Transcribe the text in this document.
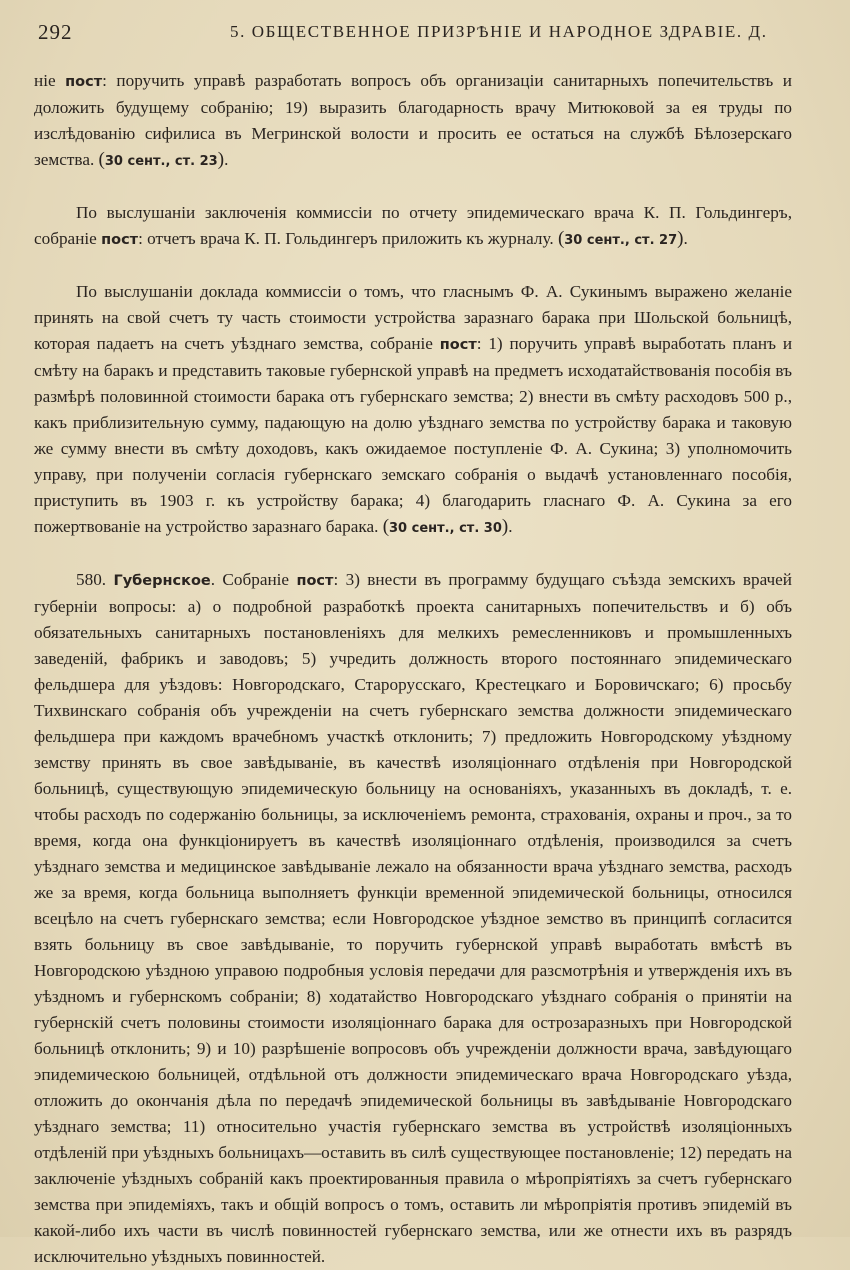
292	5. ОБЩЕСТВЕННОЕ ПРИЗРѢНІЕ И НАРОДНОЕ ЗДРАВІЕ. Д.

ніе пост: поручить управѣ разработать вопросъ объ организаціи санитарныхъ попечительствъ и доложить будущему собранію; 19) выразить благодарность врачу Митюковой за ея труды по изслѣдованію сифилиса въ Мегринской волости и просить ее остаться на службѣ Бѣлозерскаго земства. (30 сент., ст. 23).

По выслушаніи заключенія коммиссіи по отчету эпидемическаго врача К. П. Гольдингеръ, собраніе пост: отчетъ врача К. П. Гольдингеръ приложить къ журналу. (30 сент., ст. 27).

По выслушаніи доклада коммиссіи о томъ, что гласнымъ Ф. А. Сукинымъ выражено желаніе принять на свой счетъ ту часть стоимости устройства заразнаго барака при Шольской больницѣ, которая падаетъ на счетъ уѣзднаго земства, собраніе пост: 1) поручить управѣ выработать планъ и смѣту на баракъ и представить таковые губернской управѣ на предметъ исходатайствованія пособія въ размѣрѣ половинной стоимости барака отъ губернскаго земства; 2) внести въ смѣту расходовъ 500 р., какъ приблизительную сумму, падающую на долю уѣзднаго земства по устройству барака и таковую же сумму внести въ смѣту доходовъ, какъ ожидаемое поступленіе Ф. А. Сукина; 3) уполномочить управу, при полученіи согласія губернскаго земскаго собранія о выдачѣ установленнаго пособія, приступить въ 1903 г. къ устройству барака; 4) благодарить гласнаго Ф. А. Сукина за его пожертвованіе на устройство заразнаго барака. (30 сент., ст. 30).

580. Губернское. Собраніе пост: 3) внести въ программу будущаго съѣзда земскихъ врачей губерніи вопросы: а) о подробной разработкѣ проекта санитарныхъ попечительствъ и б) объ обязательныхъ санитарныхъ постановленіяхъ для мелкихъ ремесленниковъ и промышленныхъ заведеній, фабрикъ и заводовъ; 5) учредить должность второго постояннаго эпидемическаго фельдшера для уѣздовъ: Новгородскаго, Старорусскаго, Крестецкаго и Боровичскаго; 6) просьбу Тихвинскаго собранія объ учрежденіи на счетъ губернскаго земства должности эпидемическаго фельдшера при каждомъ врачебномъ участкѣ отклонить; 7) предложить Новгородскому уѣздному земству принять въ свое завѣдываніе, въ качествѣ изоляціоннаго отдѣленія при Новгородской больницѣ, существующую эпидемическую больницу на основаніяхъ, указанныхъ въ докладѣ, т. е. чтобы расходъ по содержанію больницы, за исключеніемъ ремонта, страхованія, охраны и проч., за то время, когда она функціонируетъ въ качествѣ изоляціоннаго отдѣленія, производился за счетъ уѣзднаго земства и медицинское завѣдываніе лежало на обязанности врача уѣзднаго земства, расходъ же за время, когда больница выполняетъ функціи временной эпидемической больницы, относился всецѣло на счетъ губернскаго земства; если Новгородское уѣздное земство въ принципѣ согласится взять больницу въ свое завѣдываніе, то поручить губернской управѣ выработать вмѣстѣ въ Новгородскою уѣздною управою подробныя условія передачи для разсмотрѣнія и утвержденія ихъ въ уѣздномъ и губернскомъ собраніи; 8) ходатайство Новгородскаго уѣзднаго собранія о принятіи на губернскій счетъ половины стоимости изоляціоннаго барака для острозаразныхъ при Новгородской больницѣ отклонить; 9) и 10) разрѣшеніе вопросовъ объ учрежденіи должности врача, завѣдующаго эпидемическою больницей, отдѣльной отъ должности эпидемическаго врача Новгородскаго уѣзда, отложить до окончанія дѣла по передачѣ эпидемической больницы въ завѣдываніе Новгородскаго уѣзднаго земства; 11) относительно участія губернскаго земства въ устройствѣ изоляціонныхъ отдѣленій при уѣздныхъ больницахъ—оставить въ силѣ существующее постановленіе; 12) передать на заключеніе уѣздныхъ собраній какъ проектированныя правила о мѣропріятіяхъ за счетъ губернскаго земства при эпидеміяхъ, такъ и общій вопросъ о томъ, оставить ли мѣропріятія противъ эпидемій въ какой-либо ихъ части въ числѣ повинностей губернскаго земства, или же отнести ихъ въ разрядъ исключительно уѣздныхъ повинностей.
